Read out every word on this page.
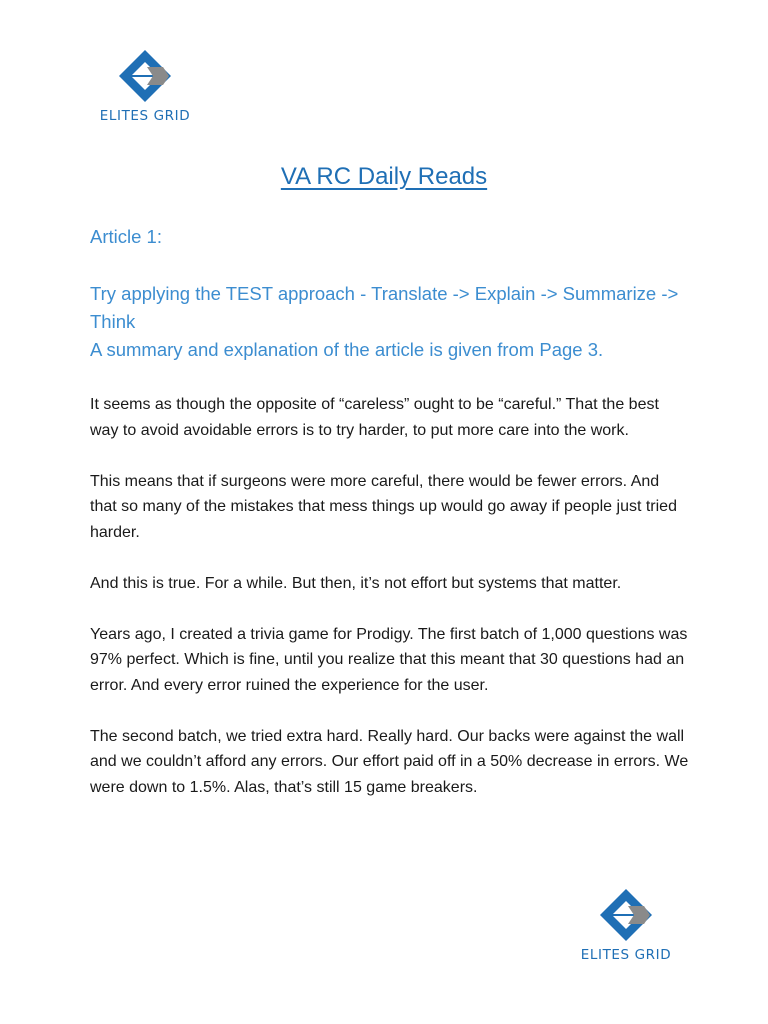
ELITES GRID
VA RC Daily Reads
Article 1:
Try applying the TEST approach - Translate -> Explain -> Summarize -> Think
A summary and explanation of the article is given from Page 3.

It seems as though the opposite of “careless” ought to be “careful.” That the best way to avoid avoidable errors is to try harder, to put more care into the work.

This means that if surgeons were more careful, there would be fewer errors. And that so many of the mistakes that mess things up would go away if people just tried harder.

And this is true. For a while. But then, it’s not effort but systems that matter.

Years ago, I created a trivia game for Prodigy. The first batch of 1,000 questions was 97% perfect. Which is fine, until you realize that this meant that 30 questions had an error. And every error ruined the experience for the user.

The second batch, we tried extra hard. Really hard. Our backs were against the wall and we couldn’t afford any errors. Our effort paid off in a 50% decrease in errors. We were down to 1.5%. Alas, that’s still 15 game breakers.

ELITES GRID
